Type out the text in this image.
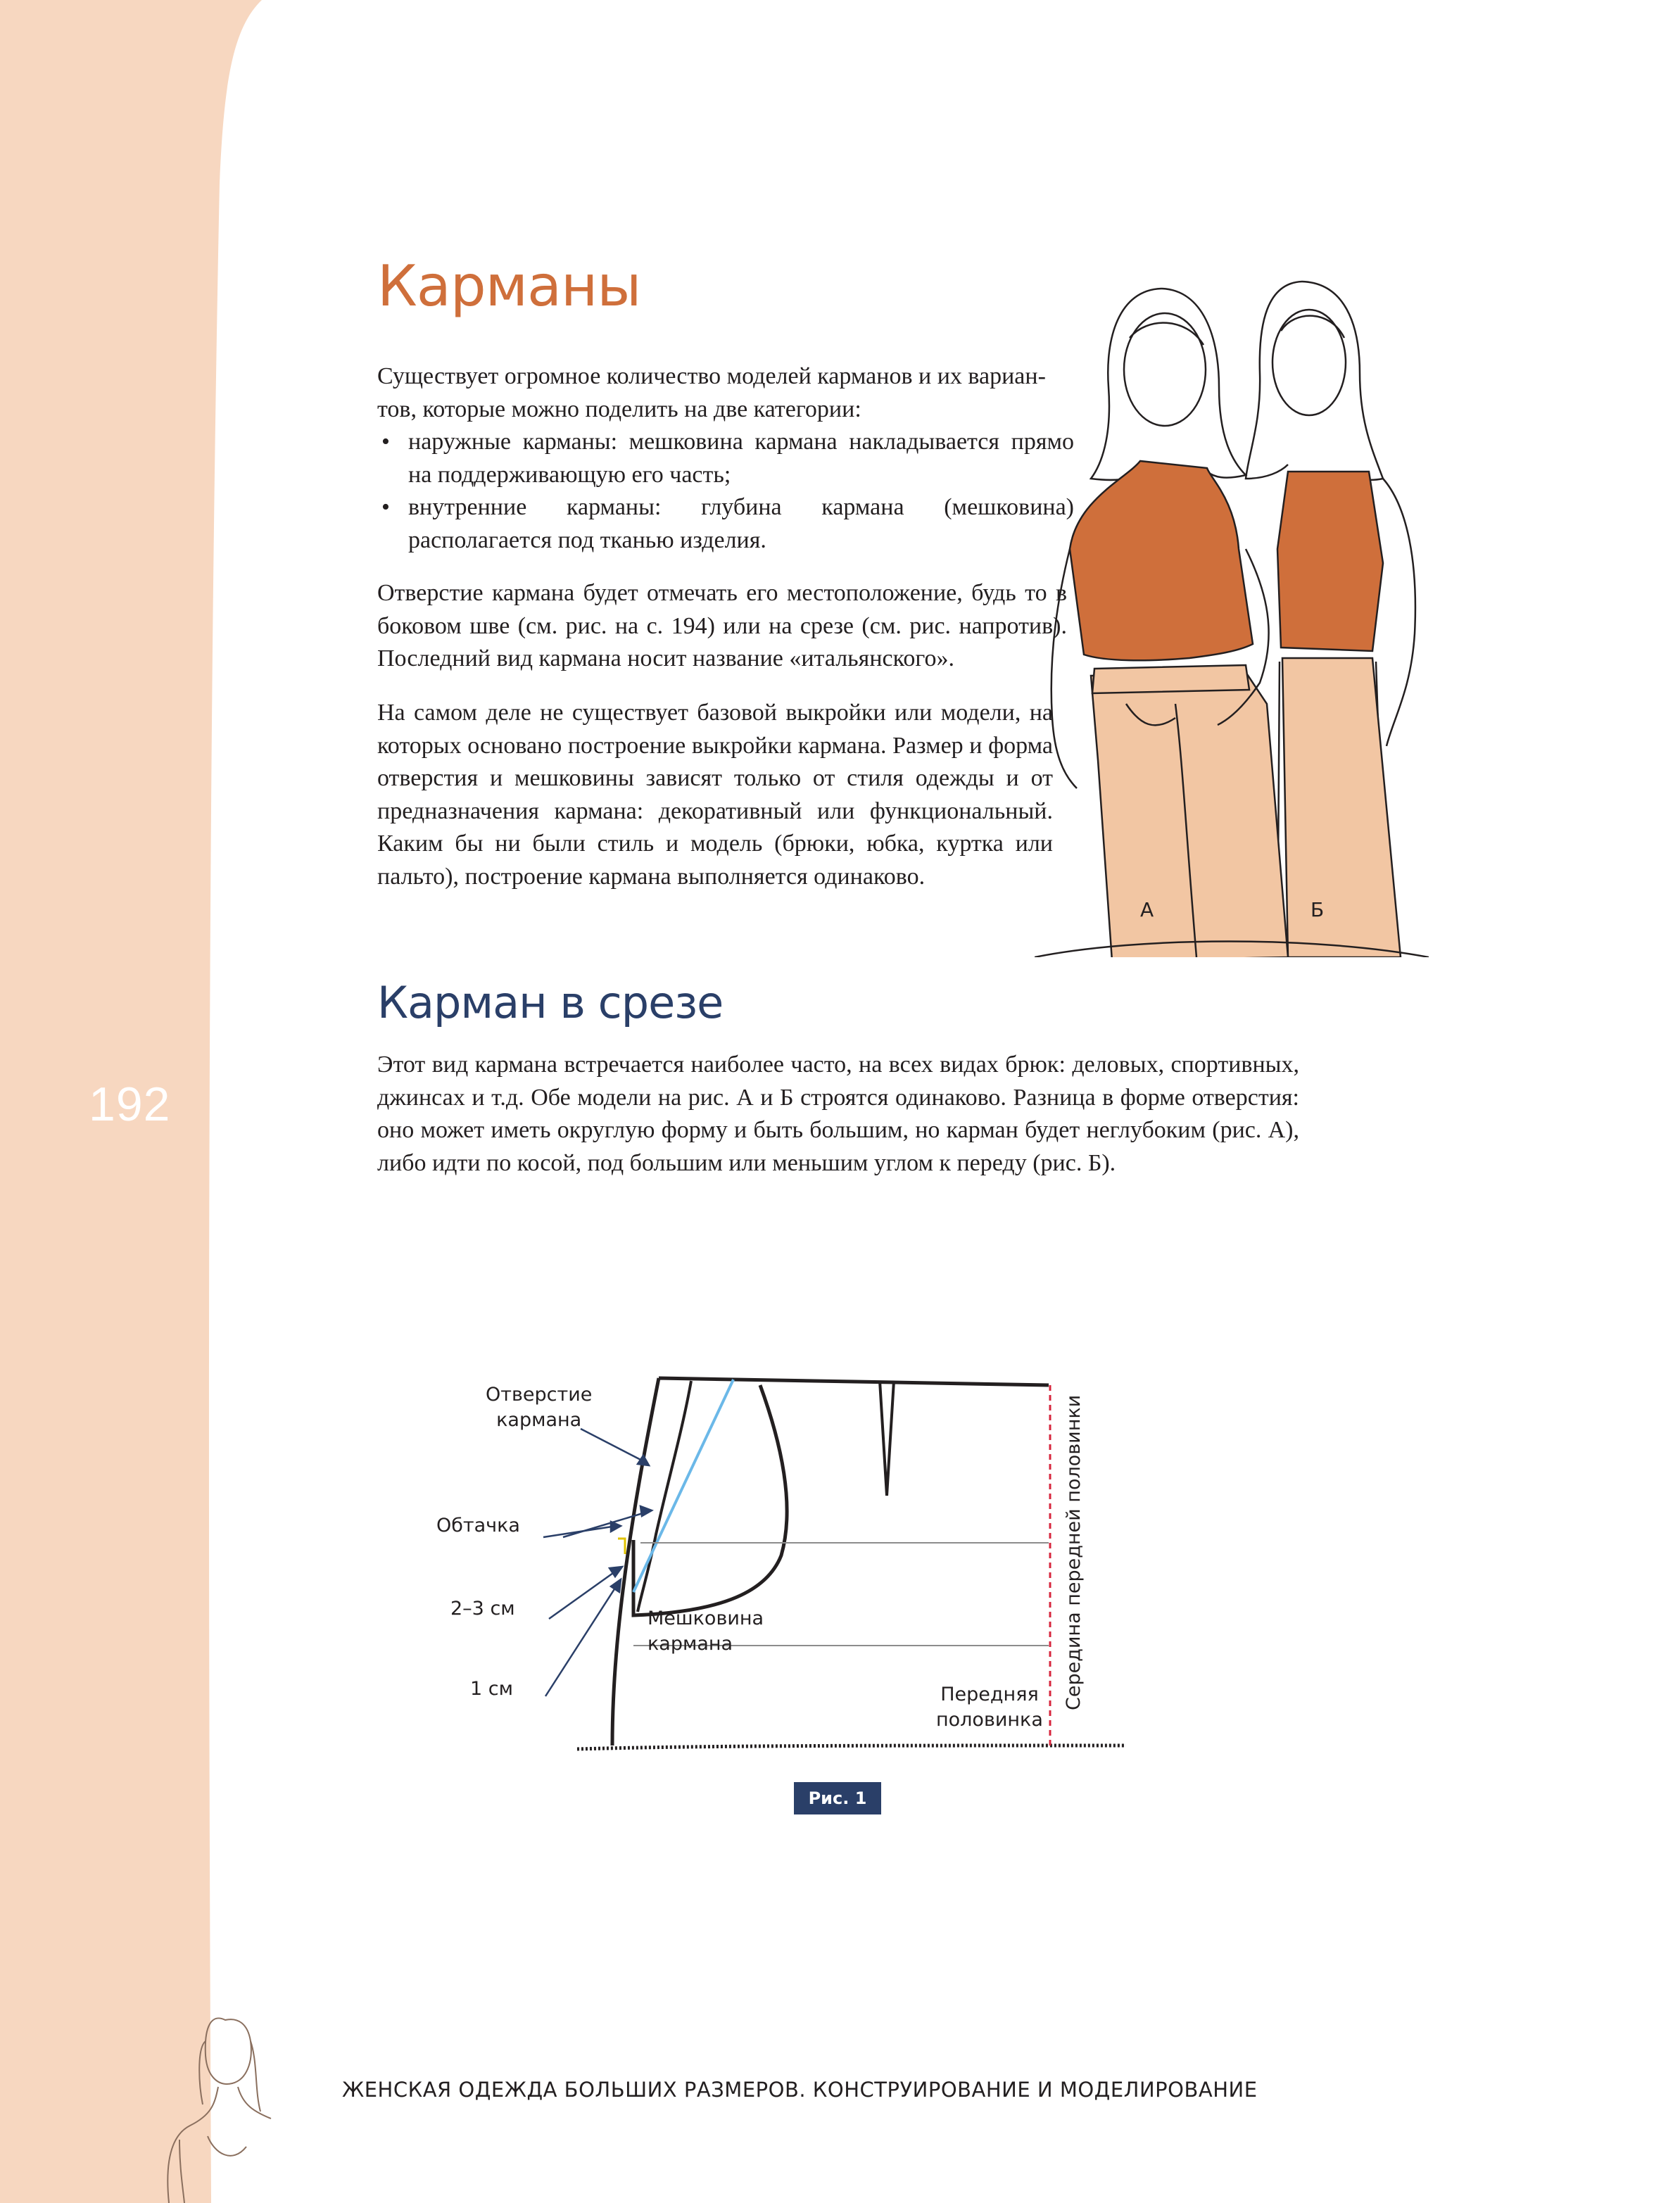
192
Карманы

Существует огромное количество моделей карманов и их вариан-

тов, которые можно поделить на две категории:

• наружные карманы: мешковина кармана накладывается прямо на поддерживающую его часть;

• внутренние карманы: глубина кармана (мешковина) располагается под тканью изделия.

Отверстие кармана будет отмечать его местоположение, будь то в боковом шве (см. рис. на с. 194) или на срезе (см. рис. напротив). Последний вид кармана носит название «итальянского».
На самом деле не существует базовой выкройки или модели, на которых основано построение выкройки кармана. Размер и форма отверстия и мешковины зависят только от стиля одежды и от предназначения кармана: декоративный или функциональный. Каким бы ни были стиль и модель (брюки, юбка, куртка или пальто), построение кармана выполняется одинаково.
А	Б
Карман в срезе
Этот вид кармана встречается наиболее часто, на всех видах брюк: деловых, спортивных, джинсах и т.д. Обе модели на рис. А и Б строятся одинаково. Разница в форме отверстия: оно может иметь округлую форму и быть большим, но карман будет неглубоким (рис. А), либо идти по косой, под большим или меньшим углом к переду (рис. Б).
Отверстие
кармана
Обтачка
2–3 см
1 см
Мешковина
кармана
Передняя
половинка
Середина передней половинки
Рис. 1
ЖЕНСКАЯ ОДЕЖДА БОЛЬШИХ РАЗМЕРОВ. КОНСТРУИРОВАНИЕ И МОДЕЛИРОВАНИЕ
